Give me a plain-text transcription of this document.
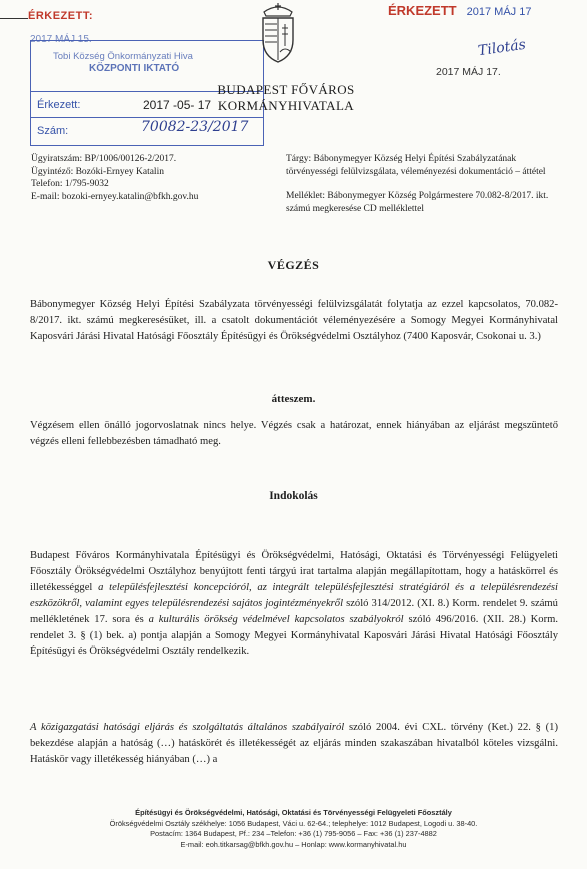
ÉRKEZETT:
2017 MÁJ 15.
ÉRKEZETT 2017 MÁJ 17
Tilotás
2017 MÁJ 17.
Tobi Község Önkormányzati Hiva
KÖZPONTI IKTATÓ
Érkezett:	2017 -05- 17
Szám:	70082-23/2017
BUDAPEST FŐVÁROS
KORMÁNYHIVATALA
Ügyiratszám: BP/1006/00126-2/2017.
Ügyintéző: Bozóki-Ernyey Katalin
Telefon: 1/795-9032
E-mail: bozoki-ernyey.katalin@bfkh.gov.hu
Tárgy: Bábonymegyer Község Helyi Építési Szabályzatának törvényességi felülvizsgálata, véleményezési dokumentáció – áttétel
Melléklet: Bábonymegyer Község Polgármestere 70.082-8/2017. ikt. számú megkeresése CD melléklettel
VÉGZÉS
Bábonymegyer Község Helyi Építési Szabályzata törvényességi felülvizsgálatát folytatja az ezzel kapcsolatos, 70.082-8/2017. ikt. számú megkeresésüket, ill. a csatolt dokumentációt véleményezésére a Somogy Megyei Kormányhivatal Kaposvári Járási Hivatal Hatósági Főosztály Építésügyi és Örökségvédelmi Osztályhoz (7400 Kaposvár, Csokonai u. 3.)
átteszem.
Végzésem ellen önálló jogorvoslatnak nincs helye. Végzés csak a határozat, ennek hiányában az eljárást megszüntető végzés elleni fellebbezésben támadható meg.
Indokolás
Budapest Főváros Kormányhivatala Építésügyi és Örökségvédelmi, Hatósági, Oktatási és Törvényességi Felügyeleti Főosztály Örökségvédelmi Osztályhoz benyújtott fenti tárgyú irat tartalma alapján megállapítottam, hogy a hatáskörrel és illetékességgel a településfejlesztési koncepcióról, az integrált településfejlesztési stratégiáról és a településrendezési eszközökről, valamint egyes településrendezési sajátos jogintézményekről szóló 314/2012. (XI. 8.) Korm. rendelet 9. számú mellékletének 17. sora és a kulturális örökség védelmével kapcsolatos szabályokról szóló 496/2016. (XII. 28.) Korm. rendelet 3. § (1) bek. a) pontja alapján a Somogy Megyei Kormányhivatal Kaposvári Járási Hivatal Hatósági Főosztály Építésügyi és Örökségvédelmi Osztály rendelkezik.
A közigazgatási hatósági eljárás és szolgáltatás általános szabályairól szóló 2004. évi CXL. törvény (Ket.) 22. § (1) bekezdése alapján a hatóság (…) hatáskörét és illetékességét az eljárás minden szakaszában hivatalból köteles vizsgálni. Hatáskör vagy illetékesség hiányában (…) a
Építésügyi és Örökségvédelmi, Hatósági, Oktatási és Törvényességi Felügyeleti Főosztály
Örökségvédelmi Osztály székhelye: 1056 Budapest, Váci u. 62-64.; telephelye: 1012 Budapest, Logodi u. 38-40.
Postacím: 1364 Budapest, Pf.: 234 –Telefon: +36 (1) 795-9056 – Fax: +36 (1) 237-4882
E-mail: eoh.titkarsag@bfkh.gov.hu – Honlap: www.kormanyhivatal.hu
